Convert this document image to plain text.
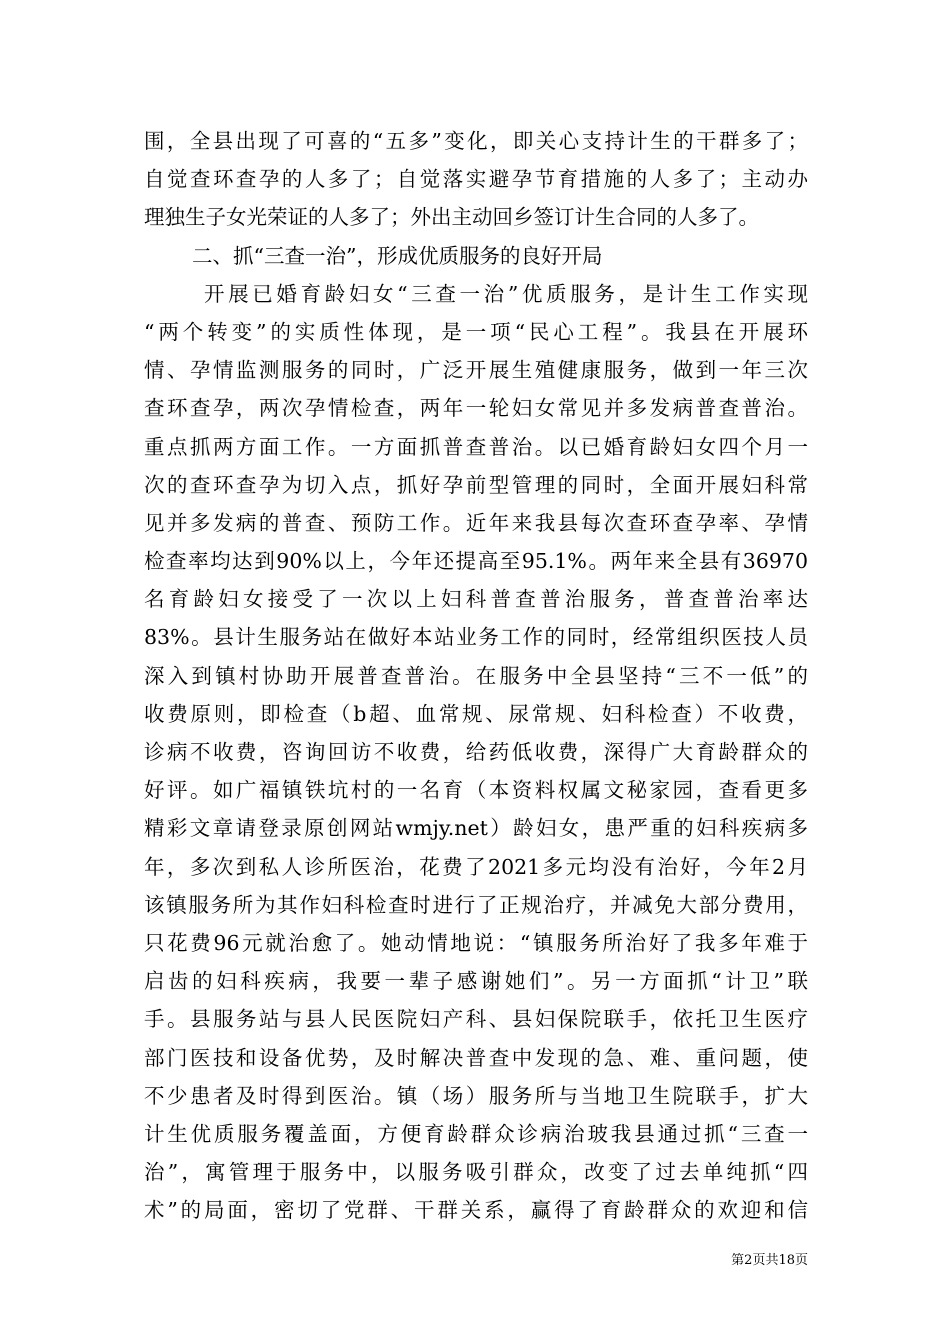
围，全县出现了可喜的“五多”变化，即关心支持计生的干群多了；
自觉查环查孕的人多了；自觉落实避孕节育措施的人多了；主动办
理独生子女光荣证的人多了；外出主动回乡签订计生合同的人多了。
二、抓“三查一治”，形成优质服务的良好开局
开展已婚育龄妇女“三查一治”优质服务，是计生工作实现
“两个转变”的实质性体现，是一项“民心工程”。我县在开展环
情、孕情监测服务的同时，广泛开展生殖健康服务，做到一年三次
查环查孕，两次孕情检查，两年一轮妇女常见并多发病普查普治。
重点抓两方面工作。一方面抓普查普治。以已婚育龄妇女四个月一
次的查环查孕为切入点，抓好孕前型管理的同时，全面开展妇科常
见并多发病的普查、预防工作。近年来我县每次查环查孕率、孕情
检查率均达到90%以上，今年还提高至95.1%。两年来全县有36970
名育龄妇女接受了一次以上妇科普查普治服务，普查普治率达
83%。县计生服务站在做好本站业务工作的同时，经常组织医技人员
深入到镇村协助开展普查普治。在服务中全县坚持“三不一低”的
收费原则，即检查（b超、血常规、尿常规、妇科检查）不收费，
诊病不收费，咨询回访不收费，给药低收费，深得广大育龄群众的
好评。如广福镇铁坑村的一名育（本资料权属文秘家园，查看更多
精彩文章请登录原创网站wmjy.net）龄妇女，患严重的妇科疾病多
年，多次到私人诊所医治，花费了2021多元均没有治好，今年2月
该镇服务所为其作妇科检查时进行了正规治疗，并减免大部分费用，
只花费96元就治愈了。她动情地说：“镇服务所治好了我多年难于
启齿的妇科疾病，我要一辈子感谢她们”。另一方面抓“计卫”联
手。县服务站与县人民医院妇产科、县妇保院联手，依托卫生医疗
部门医技和设备优势，及时解决普查中发现的急、难、重问题，使
不少患者及时得到医治。镇（场）服务所与当地卫生院联手，扩大
计生优质服务覆盖面，方便育龄群众诊病治玻我县通过抓“三查一
治”，寓管理于服务中，以服务吸引群众，改变了过去单纯抓“四
术”的局面，密切了党群、干群关系，赢得了育龄群众的欢迎和信
第2页共18页
